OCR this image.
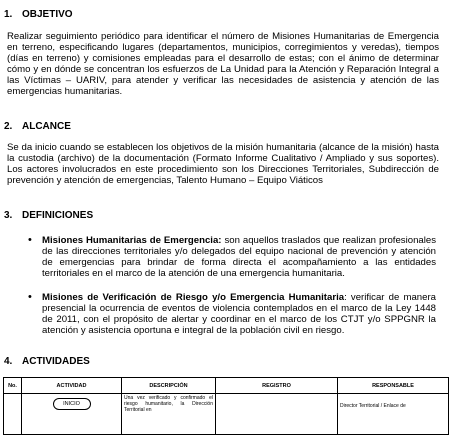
1. OBJETIVO

Realizar seguimiento periódico para identificar el número de Misiones Humanitarias de Emergencia en terreno, especificando lugares (departamentos, municipios, corregimientos y veredas), tiempos (días en terreno) y comisiones empleadas para el desarrollo de estas; con el ánimo de determinar cómo y en dónde se concentran los esfuerzos de La Unidad para la Atención y Reparación Integral a las Víctimas – UARIV, para atender y verificar las necesidades de asistencia y atención de las emergencias humanitarias.

2. ALCANCE

Se da inicio cuando se establecen los objetivos de la misión humanitaria (alcance de la misión) hasta la custodia (archivo) de la documentación (Formato Informe Cualitativo / Ampliado y sus soportes). Los actores involucrados en este procedimiento son los Direcciones Territoriales, Subdirección de prevención y atención de emergencias, Talento Humano – Equipo Viáticos

3. DEFINICIONES
•	Misiones Humanitarias de Emergencia: son aquellos traslados que realizan profesionales de las direcciones territoriales y/o delegados del equipo nacional de prevención y atención de emergencias para brindar de forma directa el acompañamiento a las entidades territoriales en el marco de la atención de una emergencia humanitaria.

•	Misiones de Verificación de Riesgo y/o Emergencia Humanitaria: verificar de manera presencial la ocurrencia de eventos de violencia contemplados en el marco de la Ley 1448 de 2011, con el propósito de alertar y coordinar en el marco de los CTJT y/o SPPGNR la atención y asistencia oportuna e integral de la población civil en riesgo.

4. ACTIVIDADES
No.	ACTIVIDAD	DESCRIPCIÓN	REGISTRO	RESPONSABLE

	INICIO	Una vez verificado y confirmado el riesgo humanitario, la Dirección Territorial en		Director Territorial / Enlace de
